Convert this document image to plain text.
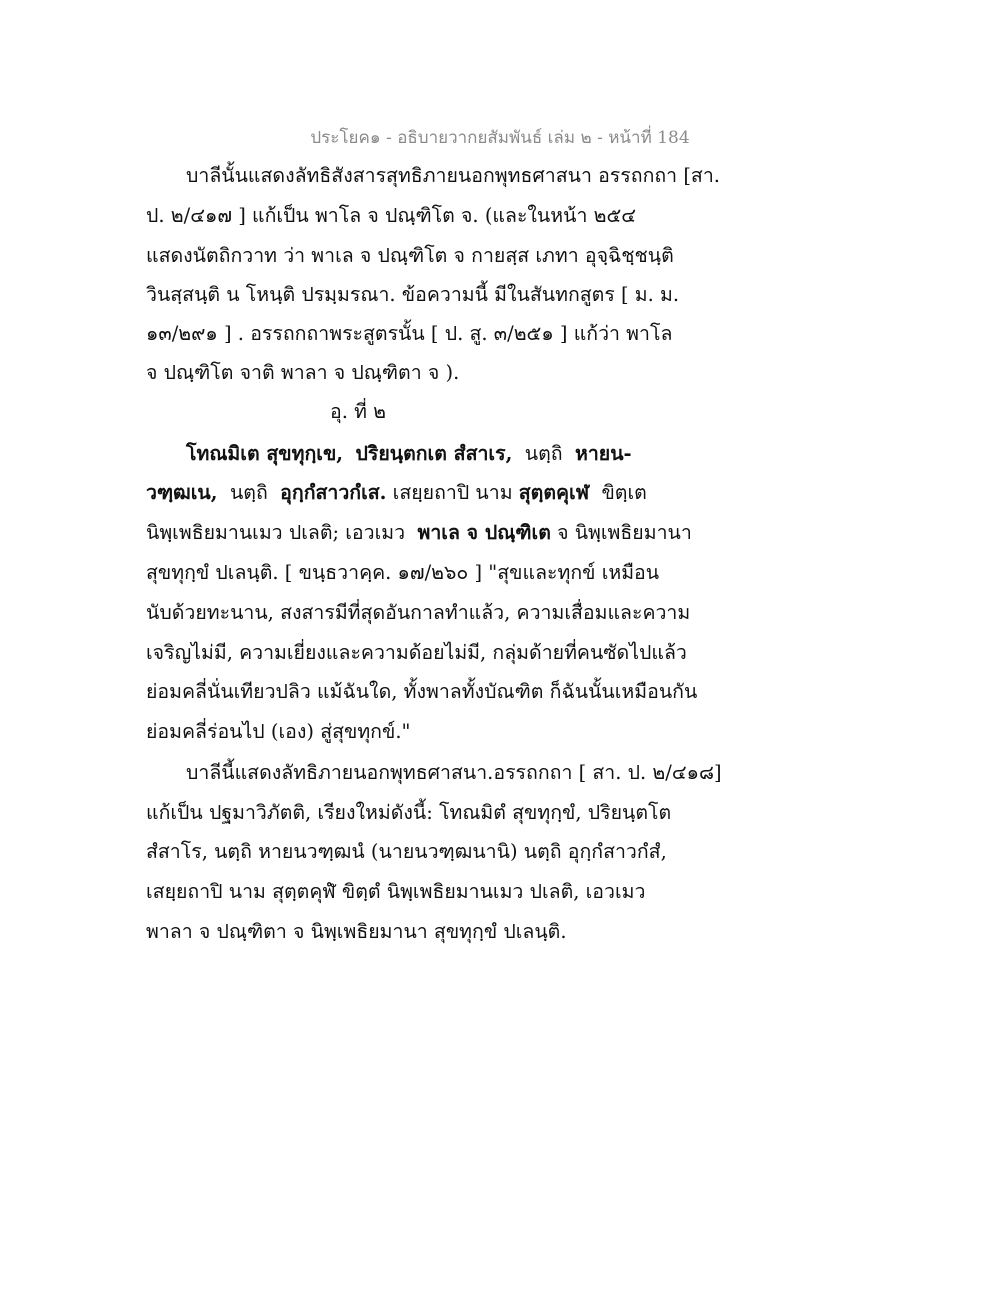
ประโยค๑ - อธิบายวากยสัมพันธ์ เล่ม ๒ - หน้าที่ 184
บาลีนั้นแสดงลัทธิสังสารสุทธิภายนอกพุทธศาสนา อรรถกถา [สา.
ป. ๒/๔๑๗ ] แก้เป็น พาโล จ ปณฺฑิโต จ. (และในหน้า ๒๕๔
แสดงนัตถิกวาท ว่า พาเล จ ปณฺฑิโต จ กายสฺส เภทา อุจฺฉิชฺชนฺติ
วินสฺสนฺติ น โหนฺติ ปรมฺมรณา. ข้อความนี้ มีในสันทกสูตร [ ม. ม.
๑๓/๒๙๑ ] . อรรถกถาพระสูตรนั้น [ ป. สู. ๓/๒๕๑ ] แก้ว่า พาโล
จ ปณฺฑิโต จาติ พาลา จ ปณฺฑิตา จ ).
อุ. ที่ ๒
โทณมิเต สุขทุกฺเข, ปริยนฺตกเต สํสาเร, นตฺถิ หายน-
วฑฺฒเน, นตฺถิ อุกฺกํสาวกํเส. เสยฺยถาปิ นาม สุตฺตคุเฬ ขิตฺเต
นิพฺเพธิยมานเมว ปเลติ; เอวเมว พาเล จ ปณฺฑิเต จ นิพฺเพธิยมานา
สุขทุกฺขํ ปเลนฺติ. [ ขนฺธวาคฺค. ๑๗/๒๖๐ ] "สุขและทุกข์ เหมือน
นับด้วยทะนาน, สงสารมีที่สุดอันกาลทำแล้ว, ความเสื่อมและความ
เจริญไม่มี, ความเยี่ยงและความด้อยไม่มี, กลุ่มด้ายที่คนซัดไปแล้ว
ย่อมคลี่นั่นเทียวปลิว แม้ฉันใด, ทั้งพาลทั้งบัณฑิต ก็ฉันนั้นเหมือนกัน
ย่อมคลี่ร่อนไป (เอง) สู่สุขทุกข์."
บาลีนี้แสดงลัทธิภายนอกพุทธศาสนา.อรรถกถา [ สา. ป. ๒/๔๑๘]
แก้เป็น ปฐมาวิภัตติ, เรียงใหม่ดังนี้: โทณมิตํ สุขทุกฺขํ, ปริยนฺตโต
สํสาโร, นตฺถิ หายนวฑฺฒนํ (นายนวฑฺฒนานิ) นตฺถิ อุกฺกํสาวกํสํ,
เสยฺยถาปิ นาม สุตฺตคุฬํ ขิตฺตํ นิพฺเพธิยมานเมว ปเลติ, เอวเมว
พาลา จ ปณฺฑิตา จ นิพฺเพธิยมานา สุขทุกฺขํ ปเลนฺติ.
